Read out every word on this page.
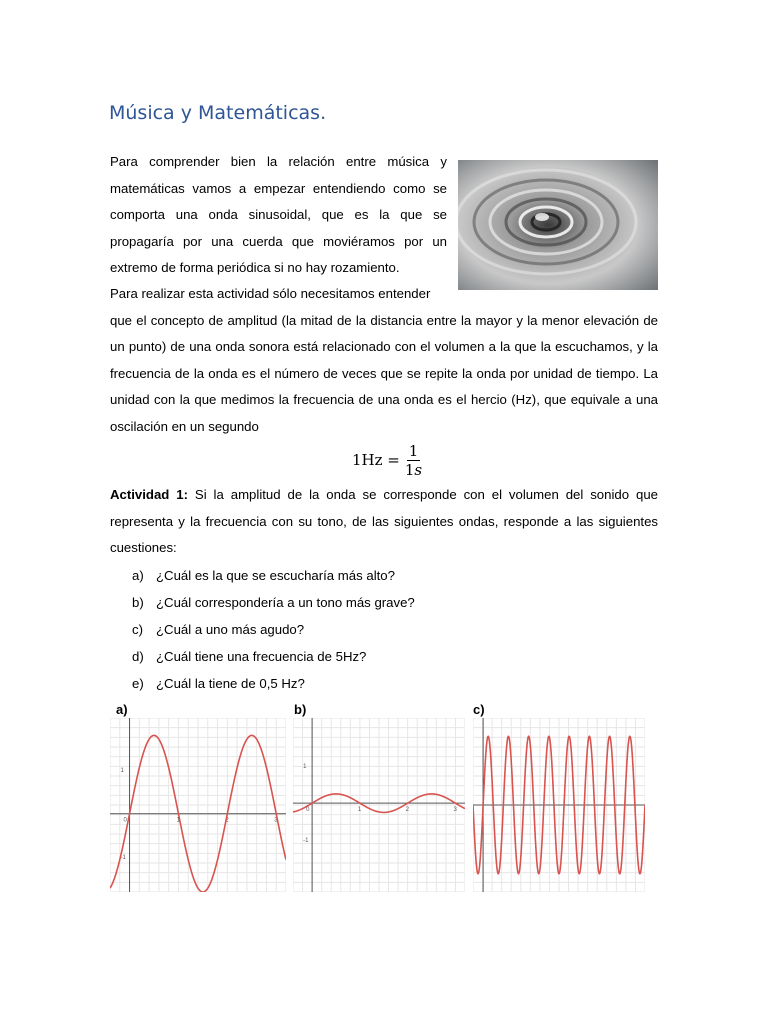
Música y Matemáticas.
Para comprender bien la relación entre música y matemáticas vamos a empezar entendiendo como se comporta una onda sinusoidal, que es la que se propagaría por una cuerda que moviéramos por un extremo de forma periódica si no hay rozamiento.
Para realizar esta actividad sólo necesitamos entender
que el concepto de amplitud (la mitad de la distancia entre la mayor y la menor elevación de un punto) de una onda sonora está relacionado con el volumen a la que la escuchamos, y la frecuencia de la onda es el número de veces que se repite la onda por unidad de tiempo. La unidad con la que medimos la frecuencia de una onda es el hercio (Hz), que equivale a una oscilación en un segundo
$1Hz = \frac{1}{1s}$
Actividad 1: Si la amplitud de la onda se corresponde con el volumen del sonido que representa y la frecuencia con su tono, de las siguientes ondas, responde a las siguientes cuestiones:
a) ¿Cuál es la que se escucharía más alto?
b) ¿Cuál correspondería a un tono más grave?
c) ¿Cuál a uno más agudo?
d) ¿Cuál tiene una frecuencia de 5Hz?
e) ¿Cuál la tiene de 0,5 Hz?
a)	b)	c)
0	1	2	3
1
-1
0	1	2	3
1
-1
